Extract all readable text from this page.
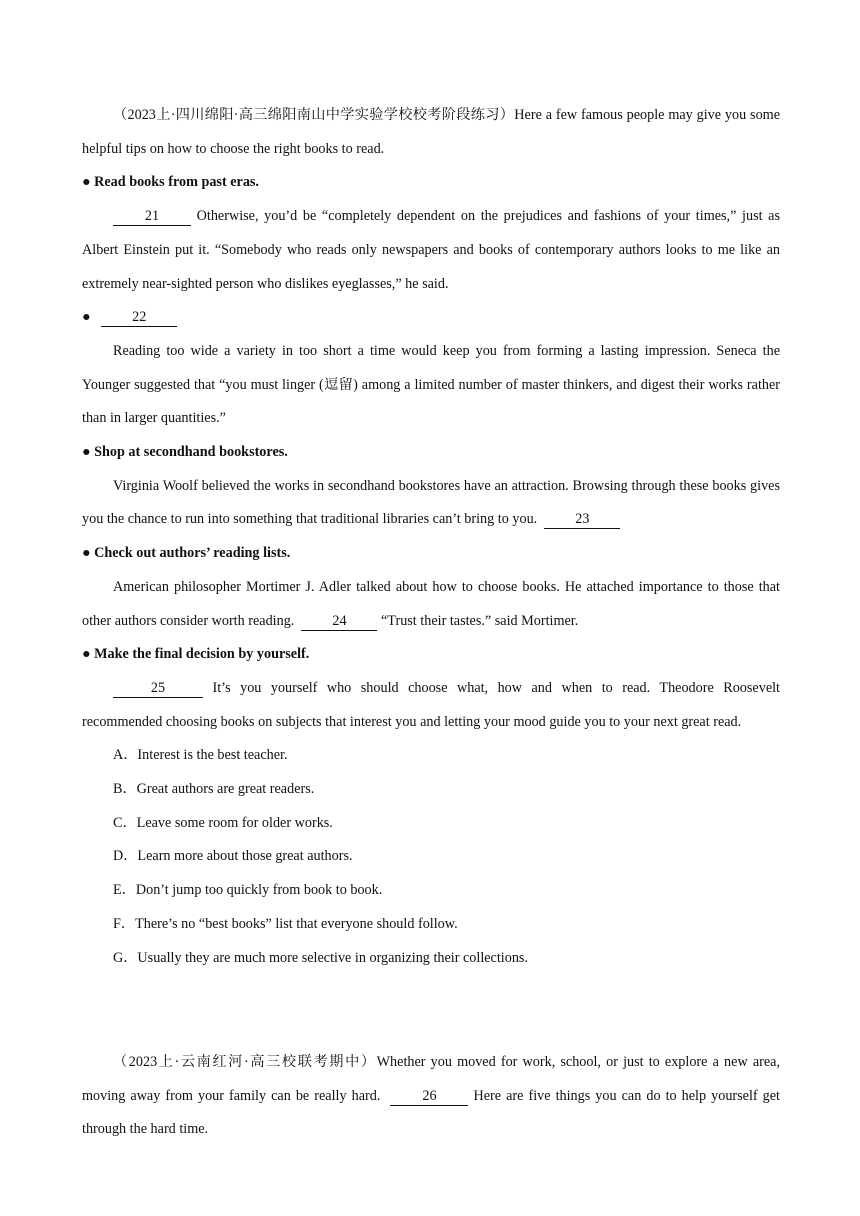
（2023上·四川绵阳·高三绵阳南山中学实验学校校考阶段练习）Here a few famous people may give you some helpful tips on how to choose the right books to read.

● Read books from past eras.

21 Otherwise, you’d be “completely dependent on the prejudices and fashions of your times,” just as Albert Einstein put it. “Somebody who reads only newspapers and books of contemporary authors looks to me like an extremely near-sighted person who dislikes eyeglasses,” he said.

●	22

Reading too wide a variety in too short a time would keep you from forming a lasting impression. Seneca the Younger suggested that “you must linger (逗留) among a limited number of master thinkers, and digest their works rather than in larger quantities.”

● Shop at secondhand bookstores.

Virginia Woolf believed the works in secondhand bookstores have an attraction. Browsing through these books gives you the chance to run into something that traditional libraries can’t bring to you.	23

● Check out authors’ reading lists.

American philosopher Mortimer J. Adler talked about how to choose books. He attached importance to those that other authors consider worth reading.	24 “Trust their tastes.” said Mortimer.

● Make the final decision by yourself.

25	It’s you yourself who should choose what, how and when to read. Theodore Roosevelt recommended choosing books on subjects that interest you and letting your mood guide you to your next great read.

A．Interest is the best teacher.

B．Great authors are great readers.

C．Leave some room for older works.

D．Learn more about those great authors.

E．Don’t jump too quickly from book to book.

F．There’s no “best books” list that everyone should follow.

G．Usually they are much more selective in organizing their collections.

（2023上·云南红河·高三校联考期中）Whether you moved for work, school, or just to explore a new area, moving away from your family can be really hard.	26 Here are five things you can do to help yourself get through the hard time.
